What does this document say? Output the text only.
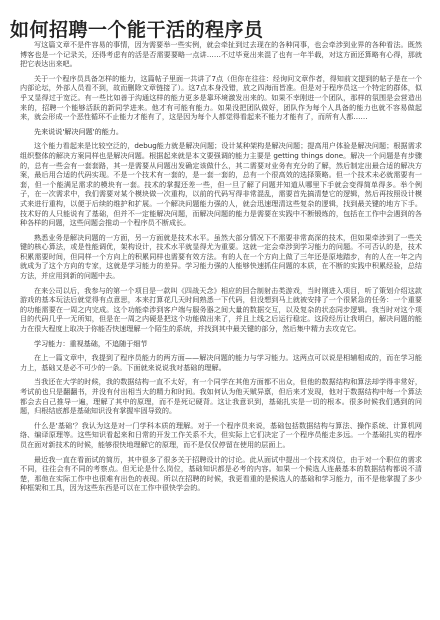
如何招聘一个能干活的程序员

写这篇文章不是件容易的事情，因为需要举一些实例，就会牵扯到过去现在的各种同事，也会牵涉到业界的各种看法。既然博客也是一个记录关，还得考虑有的活是否需要要略一点讲……不过毕竟出来混了也有一年半载，对这方面还算略有心得，那就把它表达出来吧。

关于一个程序员具备怎样的能力，这篇帖子里面一共讲了7点（但你在往往：经询问文章作者，得知前文提到的帖子是在一个内部论坛，外部人员看不到，故而删除文章链接了）。这7点本身没错，放之四海而皆准。但是对于程序员这一个特定的群体，似乎又显得过于宽泛。有一些比如善于沟通这样的能力更多是靠环境激发出来的。如果不幸刚进一个团队，那样的氛围是会营造出来的，招聘一个能够活跃的新同学进来。他才有可能有能力。如果没把团队做好，团队作为每个人具备的能力也就不容易做起来，就会形成一个恶性循环不止能力才能有了，这是因为每个人都觉得看起来不能力才能有了，而所有人都……

先来说说'解决问题'的能力。

这个能力看起来是比较空泛的，debug能力就是解决问题；设计某种架构是解决问题；提高用户体验是解决问题；根据需求组织整体的解决方案同样也是解决问题。根据起来就是本文要强调的能力主要是 getting things done。解决一个问题是有步骤的，总有一些会有一套套路，其一是需要从问题出发确定该做什么，其二需要对业务有充分的了解，然后制定出最合适的解决方案，最后用合适的代码实现。不是一个技术有一套的，是一套一套的，总有一个很高效的选择策略。但一个技术未必就需要有一套，但一个能满足需求的模块有一套。技术的掌握还差一些，但一旦了解了问题并知道从哪里下手就会变得简单得多。举个例子，在一次需求中，我们需要对某个模块做一次重构，以前的代码写得非常混乱，需要首先搞清楚它的逻辑，然后再按照设计模式来进行重构，以便于后续的维护和扩展。一个解决问题能力强的人，就会迅速理清这些复杂的逻辑，找到最关键的地方下手。技术好的人只能说有了基础，但并不一定能解决问题，而解决问题的能力是需要在实践中不断锻炼的，包括在工作中会遇到的各种各样的问题，这些问题会推动一个程序员不断成长。

熟悉业务是解决问题的一方面，另一方面就是技术水平。虽然大部分情况下不需要非常高深的技术，但如果牵涉到了一些关键的核心算法，或是性能调优，架构设计，技术水平就显得尤为重要。这就一定会牵涉到学习能力的问题。不可否认的是，技术积累需要时间，但同样一个方向上的积累同样也需要有效方法。有的人在一个方向上做了三年还是原地踏步，有的人在一年之内就成为了这个方向的专家，这就是学习能力的差异。学习能力强的人能够快速抓住问题的本质，在不断的实践中积累经验，总结方法，并应用到新的问题中去。

在来公司以后，我参与的第一个项目是一款叫《四战天念》相应的回合制射击类游戏，当时刚进入项目，听了策划介绍这款游戏的基本玩法后就觉得有点意思，本来打算花几天时间熟悉一下代码，但没想到马上就被安排了一个很紧急的任务：一个重要的功能需要在一周之内完成。这个功能牵涉到客户端与服务器之间大量的数据交互，以及复杂的状态同步逻辑。我当时对这个项目的代码几乎一无所知，但是在一周之内硬是把这个功能做出来了，并且上线之后运行稳定。这段经历让我明白，解决问题的能力在很大程度上取决于你能否快速理解一个陌生的系统，并找到其中最关键的部分，然后集中精力去攻克它。

学习能力：重视基础，不追随于细节

在上一篇文章中，我提到了程序员能力的两方面——解决问题的能力与学习能力。这两点可以说是相辅相成的，而在学习能力上，基础又是必不可少的一条。下面就来说说我对基础的理解。

当我还在大学的时候，我的数据结构一直不太好，有一个同学在其他方面都不出众，但他的数据结构和算法却学得非常好，考试前也只是翻翻书，并没有付出相当大的精力和时间。我如何认为他天赋异禀，但后来才发现，他对于数据结构中每一个算法都会去自己推导一遍，理解了其中的原理，而不是死记硬背。这让我意识到，基础扎实是一切的根本。很多时候我们遇到的问题，归根结底都是基础知识没有掌握牢固导致的。

什么是'基础'？我认为这是对一门学科本质的理解。对于一个程序员来说，基础包括数据结构与算法、操作系统、计算机网络、编译原理等。这些知识看起来和日常的开发工作关系不大，但实际上它们决定了一个程序员能走多远。一个基础扎实的程序员在面对新技术的时候，能够很快地理解它的原理，而不是仅仅停留在使用的层面上。

最近我一直在看面试的简历，其中很多了很多关于招聘设计的讨论。此从面试中提出一个技术岗位，由于对一个职位的需求不同，往往会有不同的考察点。但无论是什么岗位，基础知识都是必考的内容。如果一个候选人连最基本的数据结构都说不清楚，那他在实际工作中也很难有出色的表现。所以在招聘的时候，我更看重的是候选人的基础和学习能力，而不是他掌握了多少种框架和工具，因为这些东西是可以在工作中很快学会的。
